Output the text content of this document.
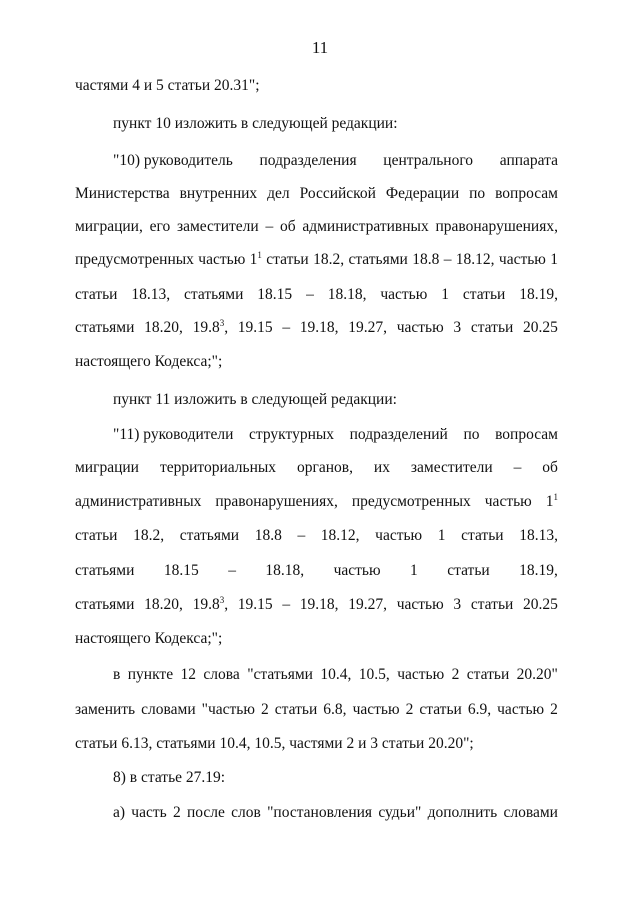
11
частями 4 и 5 статьи 20.31";
пункт 10 изложить в следующей редакции:
"10) руководитель подразделения центрального аппарата
Министерства внутренних дел Российской Федерации по вопросам
миграции, его заместители – об административных правонарушениях,
предусмотренных частью $1^1$ статьи 18.2, статьями 18.8 – 18.12, частью 1
статьи 18.13, статьями 18.15 – 18.18, частью 1 статьи 18.19,
статьями 18.20, 19.8$^3$, 19.15 – 19.18, 19.27, частью 3 статьи 20.25
настоящего Кодекса;";
пункт 11 изложить в следующей редакции:
"11) руководители структурных подразделений по вопросам
миграции территориальных органов, их заместители – об
административных правонарушениях, предусмотренных частью $1^1$
статьи 18.2, статьями 18.8 – 18.12, частью 1 статьи 18.13,
статьями 18.15 – 18.18, частью 1 статьи 18.19,
статьями 18.20, 19.8$^3$, 19.15 – 19.18, 19.27, частью 3 статьи 20.25
настоящего Кодекса;";
в пункте 12 слова "статьями 10.4, 10.5, частью 2 статьи 20.20"
заменить словами "частью 2 статьи 6.8, частью 2 статьи 6.9, частью 2
статьи 6.13, статьями 10.4, 10.5, частями 2 и 3 статьи 20.20";
8) в статье 27.19:
а) часть 2 после слов "постановления судьи" дополнить словами
